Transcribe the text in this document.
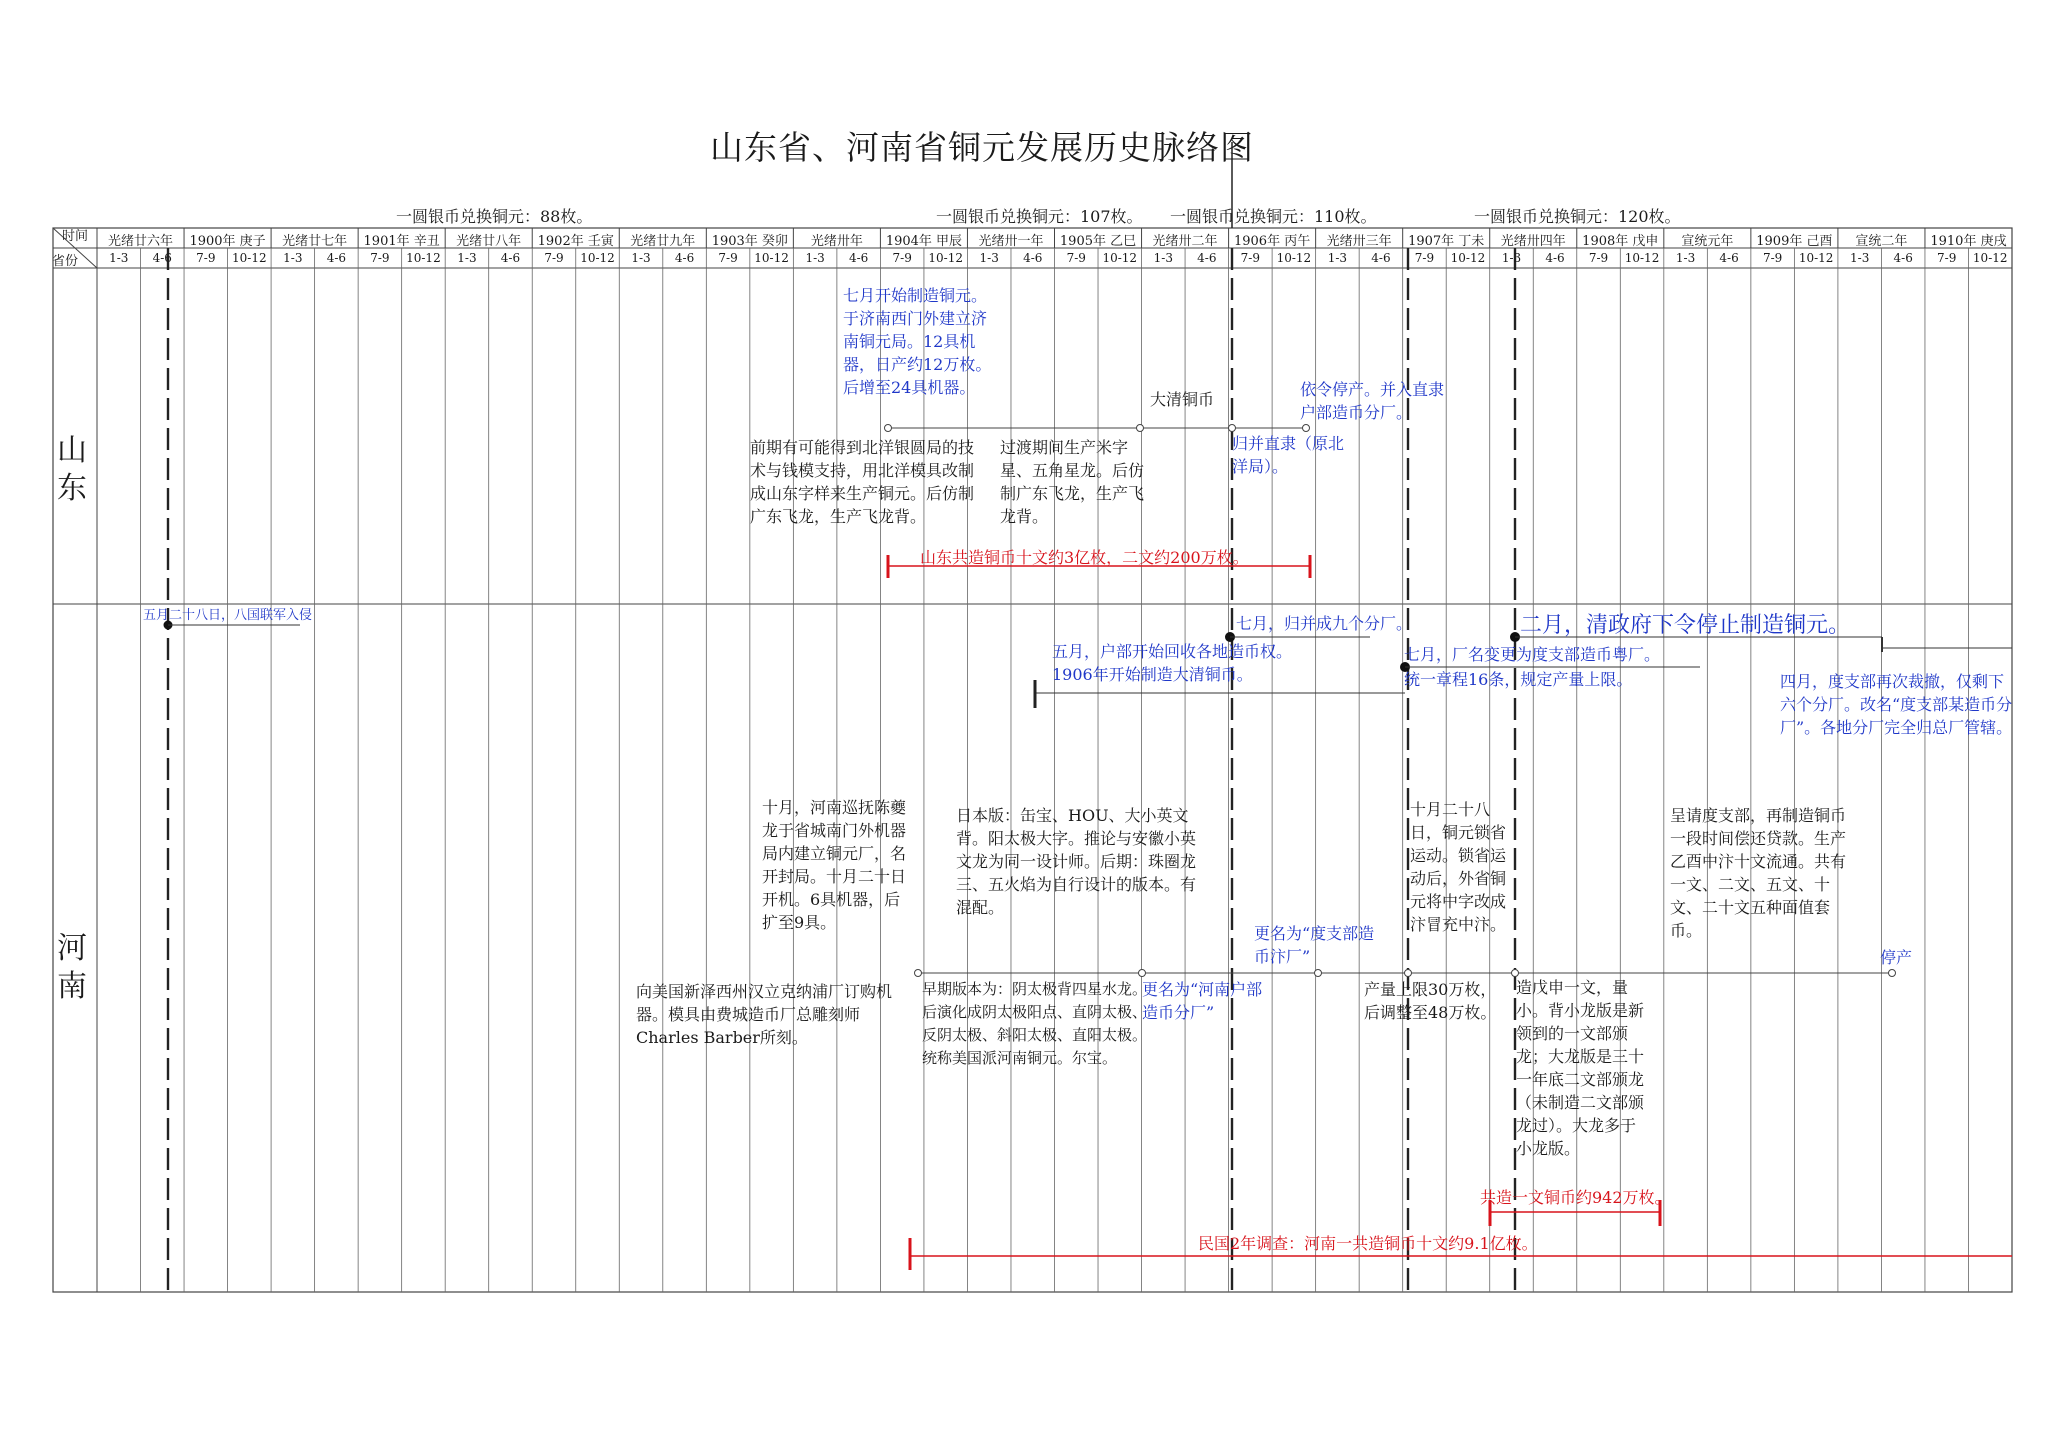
山东省、河南省铜元发展历史脉络图
一圆银币兑换铜元：88枚。	一圆银币兑换铜元：107枚。 一圆银币兑换铜元：110枚。	一圆银币兑换铜元：120枚。
时间
省份
光绪廿六年	1900年 庚子	光绪廿七年	1901年 辛丑	光绪廿八年	1902年 壬寅	光绪廿九年	1903年 癸卯	光绪卅年	1904年 甲辰	光绪卅一年	1905年 乙巳	光绪卅二年	1906年 丙午	光绪卅三年	1907年 丁未	光绪卅四年	1908年 戊申	宣统元年	1909年 己酉	宣统二年	1910年 庚戌
1-3	4-6	7-9	10-12	1-3	4-6	7-9	10-12	1-3	4-6	7-9	10-12	1-3	4-6	7-9	10-12	1-3	4-6	7-9	10-12	1-3	4-6	7-9	10-12	1-3	4-6	7-9	10-12	1-3	4-6	7-9	10-12	1-3	4-6	7-9	10-12	1-3	4-6	7-9	10-12	1-3	4-6	7-9	10-12
山东
河南
七月开始制造铜元。于济南西门外建立济南铜元局。12具机器，日产约12万枚。后增至24具机器。
大清铜币
依令停产。并入直隶户部造币分厂。
归并直隶（原北洋局）。
前期有可能得到北洋银圆局的技术与钱模支持，用北洋模具改制成山东字样来生产铜元。后仿制广东飞龙，生产飞龙背。
过渡期间生产米字星、五角星龙。后仿制广东飞龙，生产飞龙背。
山东共造铜币十文约3亿枚，二文约200万枚。
五月二十八日，八国联军入侵	七月，归并成九个分厂。	二月，清政府下令停止制造铜元。
五月，户部开始回收各地造币权。1906年开始制造大清铜币。
七月，厂名变更为度支部造币粤厂。
统一章程16条，规定产量上限。	四月，度支部再次裁撤，仅剩下六个分厂。改名“度支部某造币分厂”。各地分厂完全归总厂管辖。
十月，河南巡抚陈夔龙于省城南门外机器局内建立铜元厂，名开封局。十月二十日开机。6具机器，后扩至9具。
日本版：缶宝、HOU、大小英文背。阳太极大字。推论与安徽小英文龙为同一设计师。后期：珠圈龙三、五火焰为自行设计的版本。有混配。
更名为“度支部造币汴厂”
十月二十八日，铜元锁省运动。锁省运动后，外省铜元将中字改成汴冒充中汴。
呈请度支部，再制造铜币一段时间偿还贷款。生产乙酉中汴十文流通。共有一文、二文、五文、十文、二十文五种面值套币。
停产
向美国新泽西州汉立克纳浦厂订购机器。模具由费城造币厂总雕刻师Charles Barber所刻。
早期版本为：阴太极背四星水龙。后演化成阴太极阳点、直阴太极、反阴太极、斜阳太极、直阳太极。统称美国派河南铜元。尔宝。
更名为“河南户部造币分厂”
产量上限30万枚，后调整至48万枚。
造戊申一文，量小。背小龙版是新领到的一文部颁龙；大龙版是三十一年底二文部颁龙（未制造二文部颁龙过）。大龙多于小龙版。
共造一文铜币约942万枚。
民国2年调查：河南一共造铜币十文约9.1亿枚。
